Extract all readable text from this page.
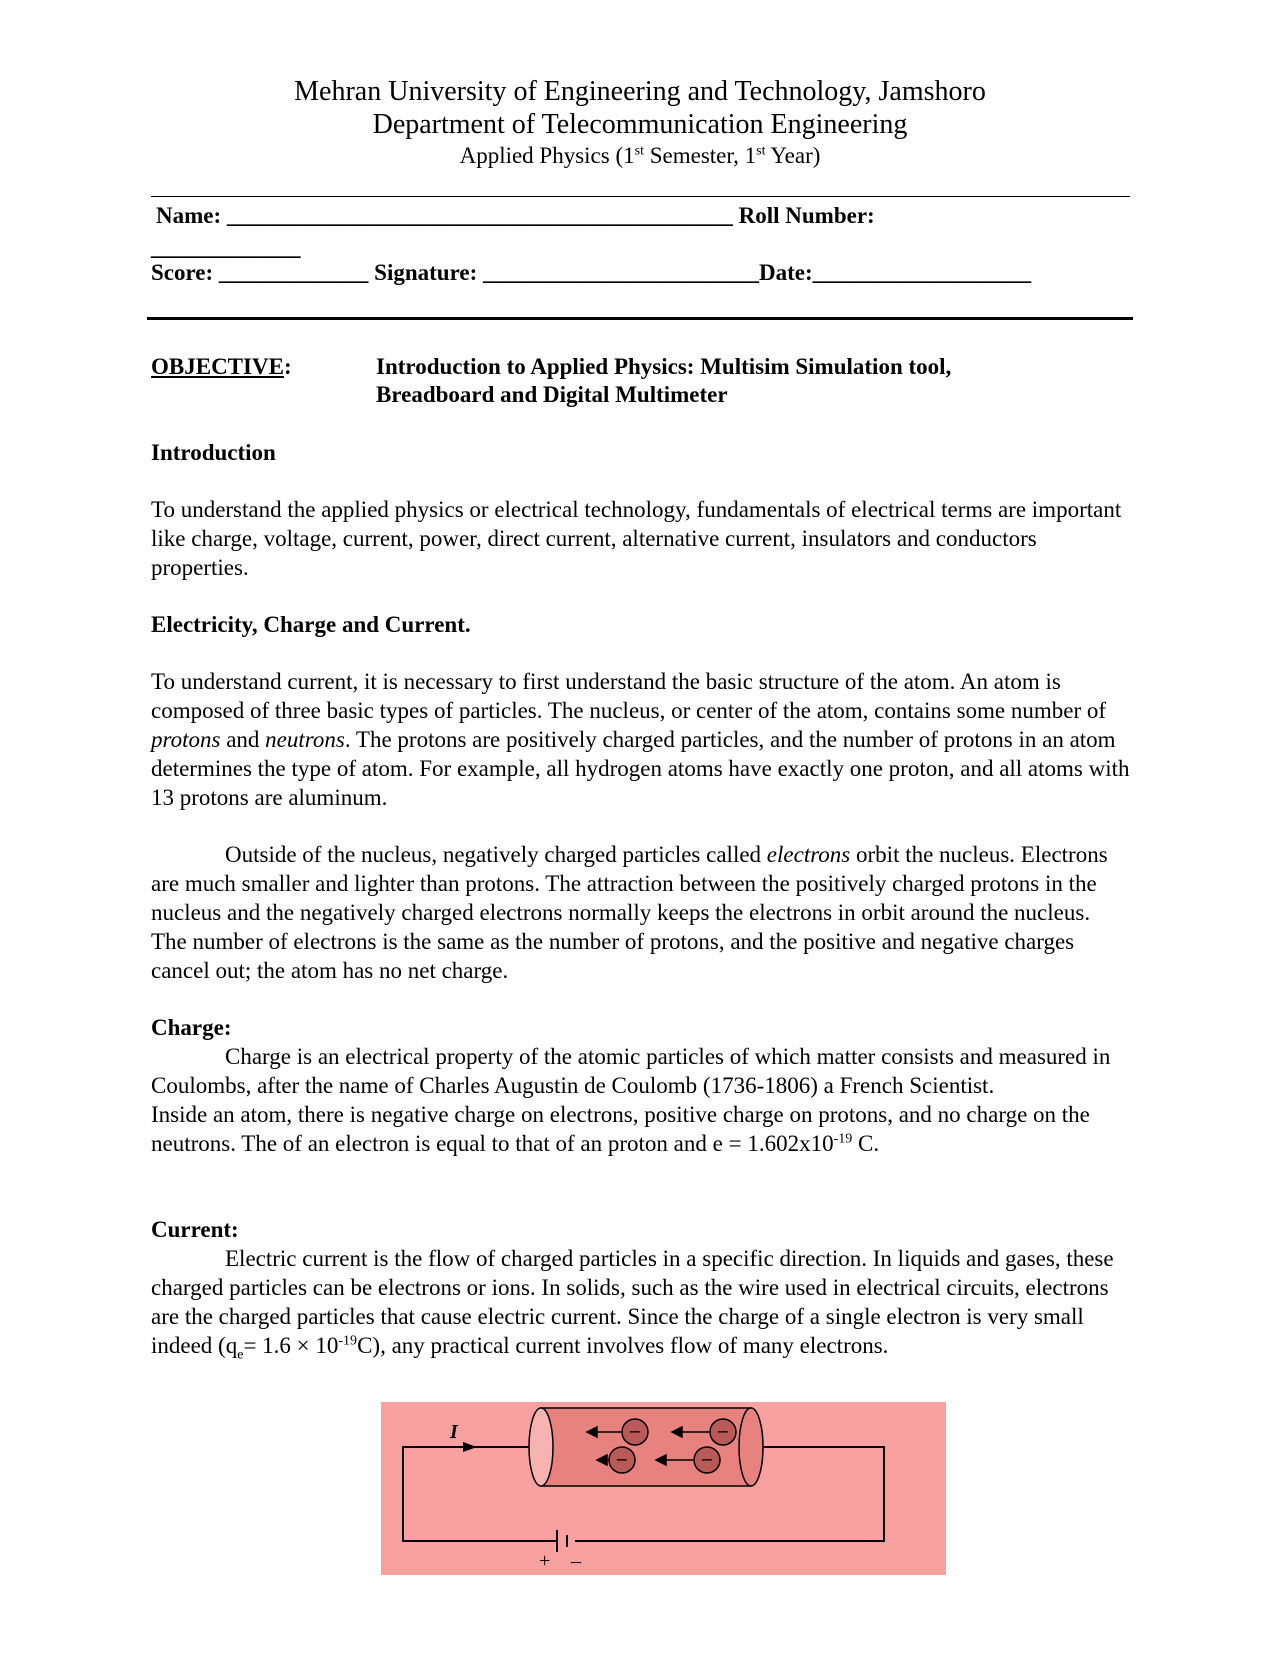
Mehran University of Engineering and Technology, Jamshoro
Department of Telecommunication Engineering
Applied Physics (1st Semester, 1st Year)
Name: ____________________________________________ Roll Number:
_____________
Score: _____________ Signature: ________________________Date:___________________
OBJECTIVE:	Introduction to Applied Physics: Multisim Simulation tool,
Breadboard and Digital Multimeter
Introduction

To understand the applied physics or electrical technology, fundamentals of electrical terms are important like charge, voltage, current, power, direct current, alternative current, insulators and conductors properties.

Electricity, Charge and Current.

To understand current, it is necessary to first understand the basic structure of the atom. An atom is composed of three basic types of particles. The nucleus, or center of the atom, contains some number of protons and neutrons. The protons are positively charged particles, and the number of protons in an atom determines the type of atom. For example, all hydrogen atoms have exactly one proton, and all atoms with 13 protons are aluminum.

Outside of the nucleus, negatively charged particles called electrons orbit the nucleus. Electrons are much smaller and lighter than protons. The attraction between the positively charged protons in the nucleus and the negatively charged electrons normally keeps the electrons in orbit around the nucleus. The number of electrons is the same as the number of protons, and the positive and negative charges cancel out; the atom has no net charge.

Charge:

Charge is an electrical property of the atomic particles of which matter consists and measured in Coulombs, after the name of Charles Augustin de Coulomb (1736-1806) a French Scientist.

Inside an atom, there is negative charge on electrons, positive charge on protons, and no charge on the neutrons. The of an electron is equal to that of an proton and $e = 1.602x10^{-19}$ C.

Current:

Electric current is the flow of charged particles in a specific direction. In liquids and gases, these charged particles can be electrons or ions. In solids, such as the wire used in electrical circuits, electrons are the charged particles that cause electric current. Since the charge of a single electron is very small indeed $(q_e= 1.6 \times 10^{-19}C)$, any practical current involves flow of many electrons.

I	−	−
−	−
+ –
